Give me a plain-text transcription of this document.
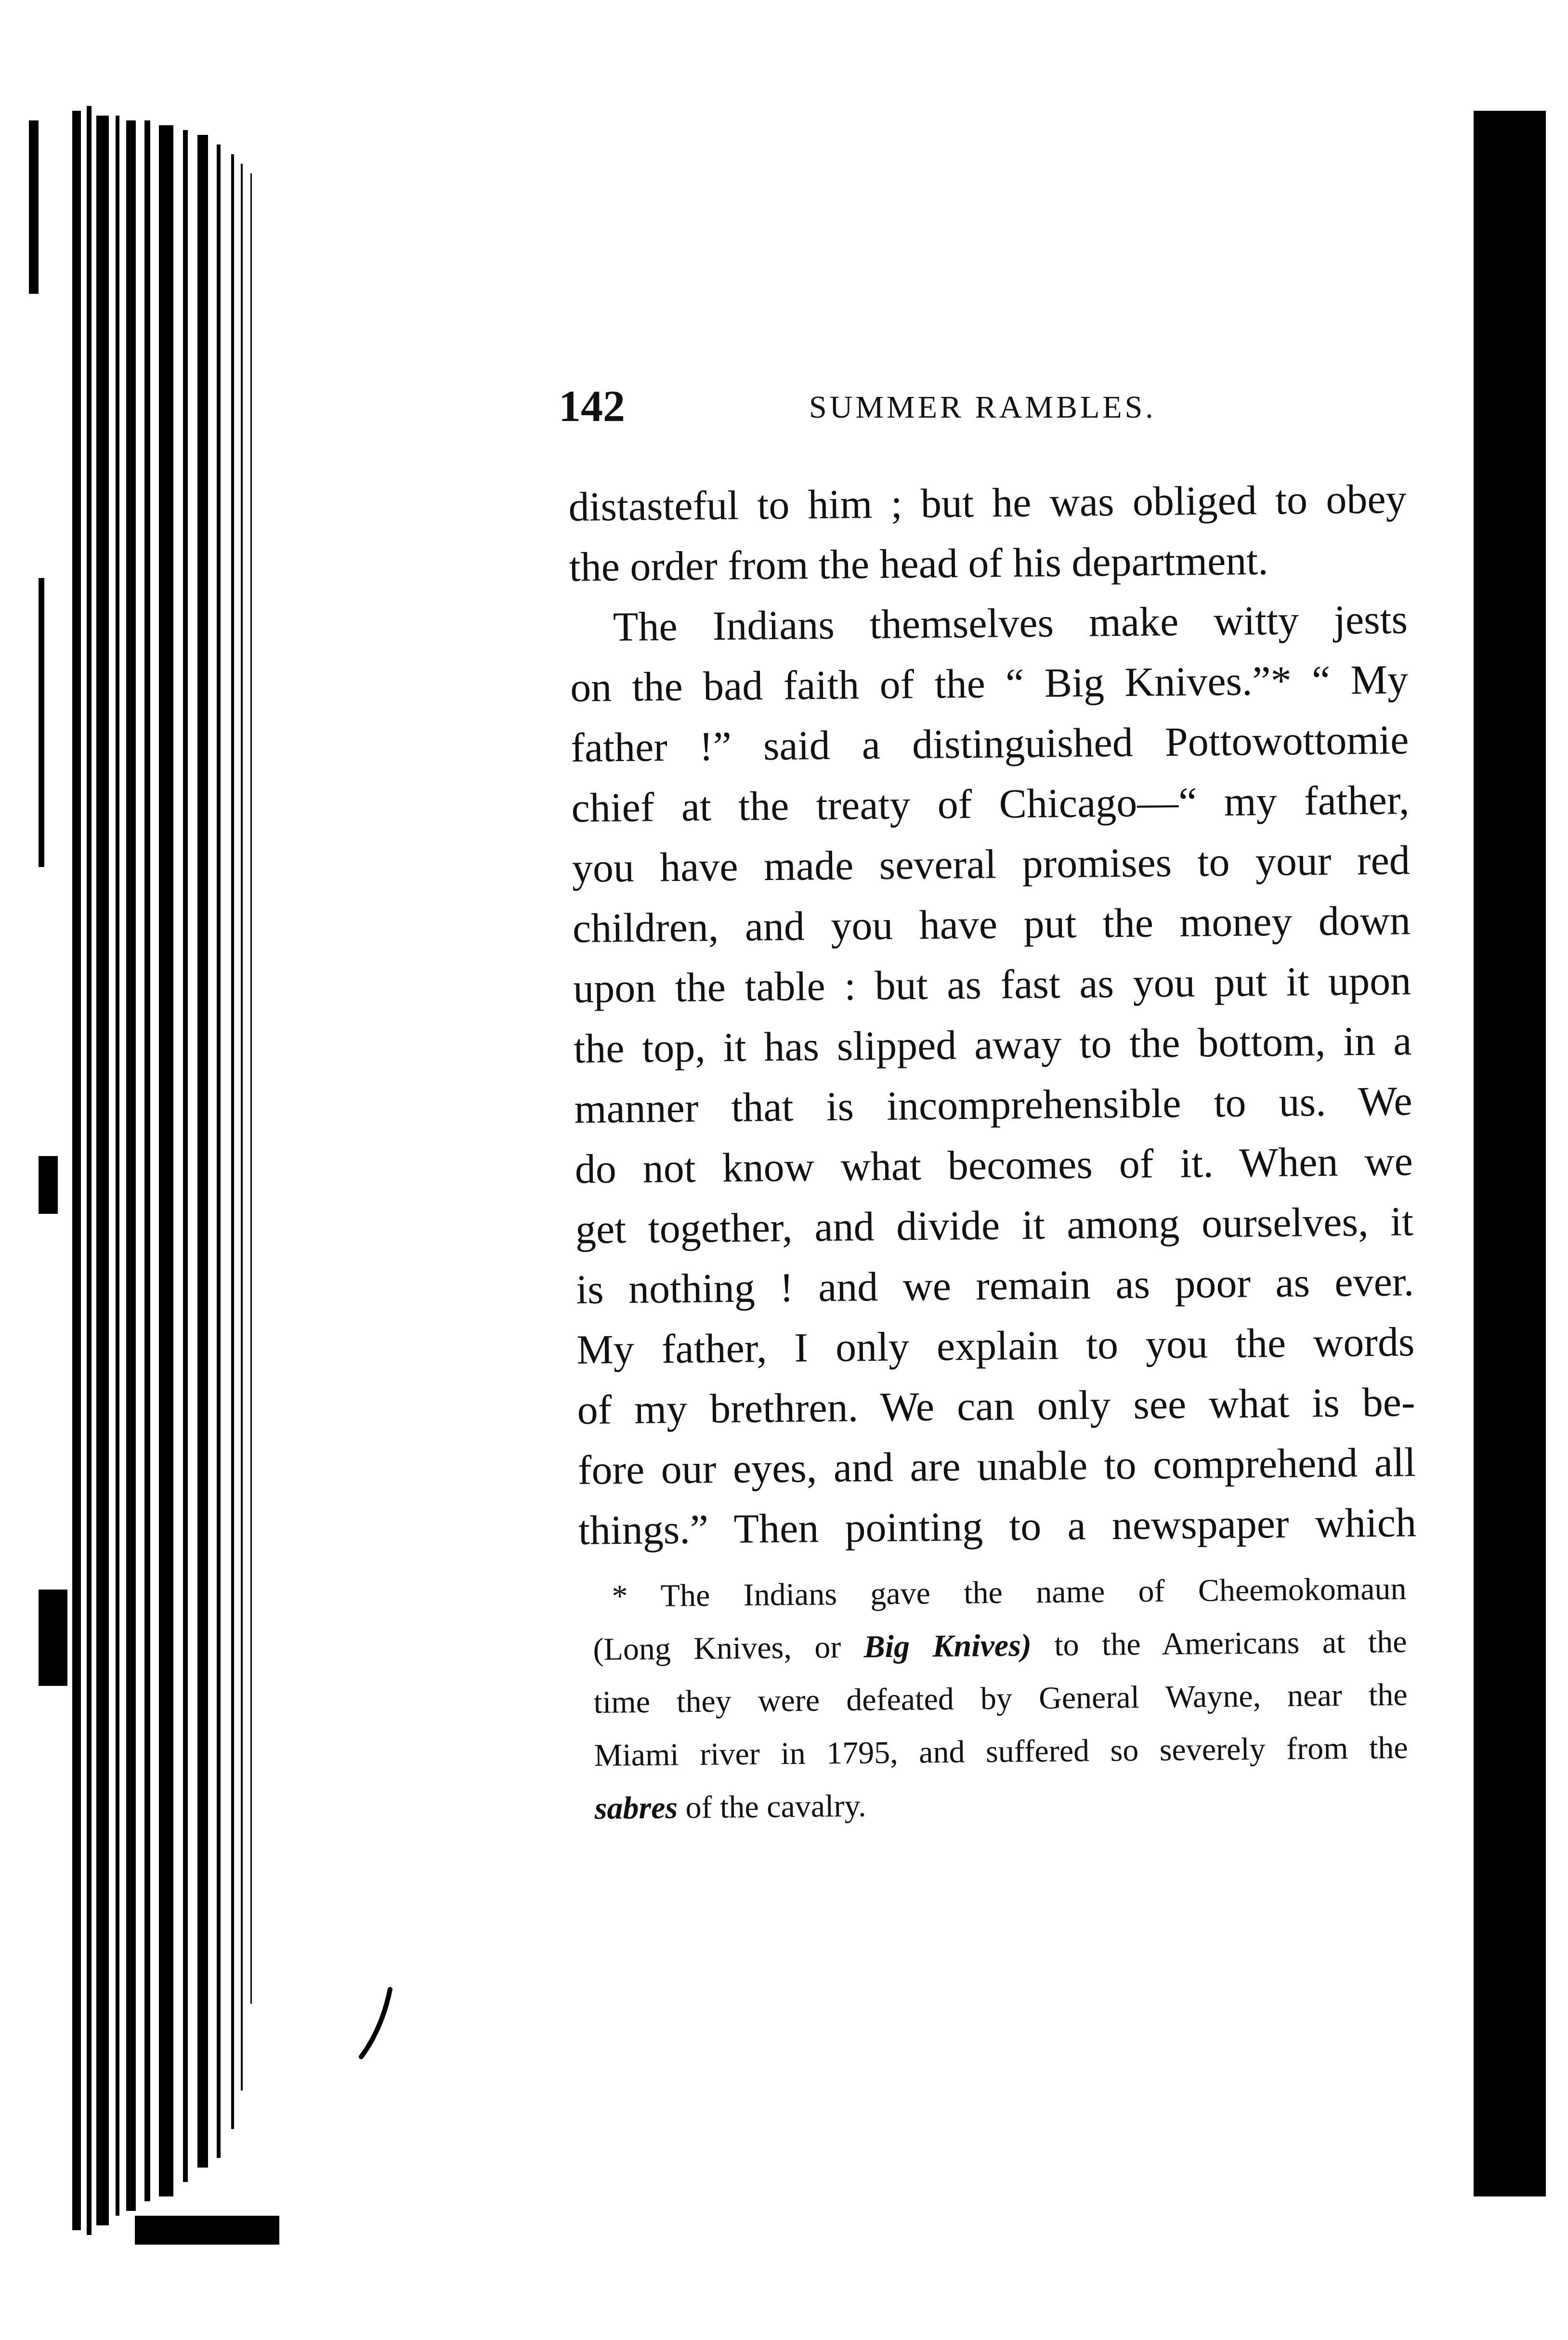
142	SUMMER RAMBLES.
distasteful to him ; but he was obliged to obey
the order from the head of his department.
The Indians themselves make witty jests
on the bad faith of the “ Big Knives.”* “ My
father !” said a distinguished Pottowottomie
chief at the treaty of Chicago—“ my father,
you have made several promises to your red
children, and you have put the money down
upon the table : but as fast as you put it upon
the top, it has slipped away to the bottom, in a
manner that is incomprehensible to us. We
do not know what becomes of it. When we
get together, and divide it among ourselves, it
is nothing ! and we remain as poor as ever.
My father, I only explain to you the words
of my brethren. We can only see what is be-
fore our eyes, and are unable to comprehend all
things.” Then pointing to a newspaper which
* The Indians gave the name of Cheemokomaun
(Long Knives, or Big Knives) to the Americans at the
time they were defeated by General Wayne, near the
Miami river in 1795, and suffered so severely from the
sabres of the cavalry.
